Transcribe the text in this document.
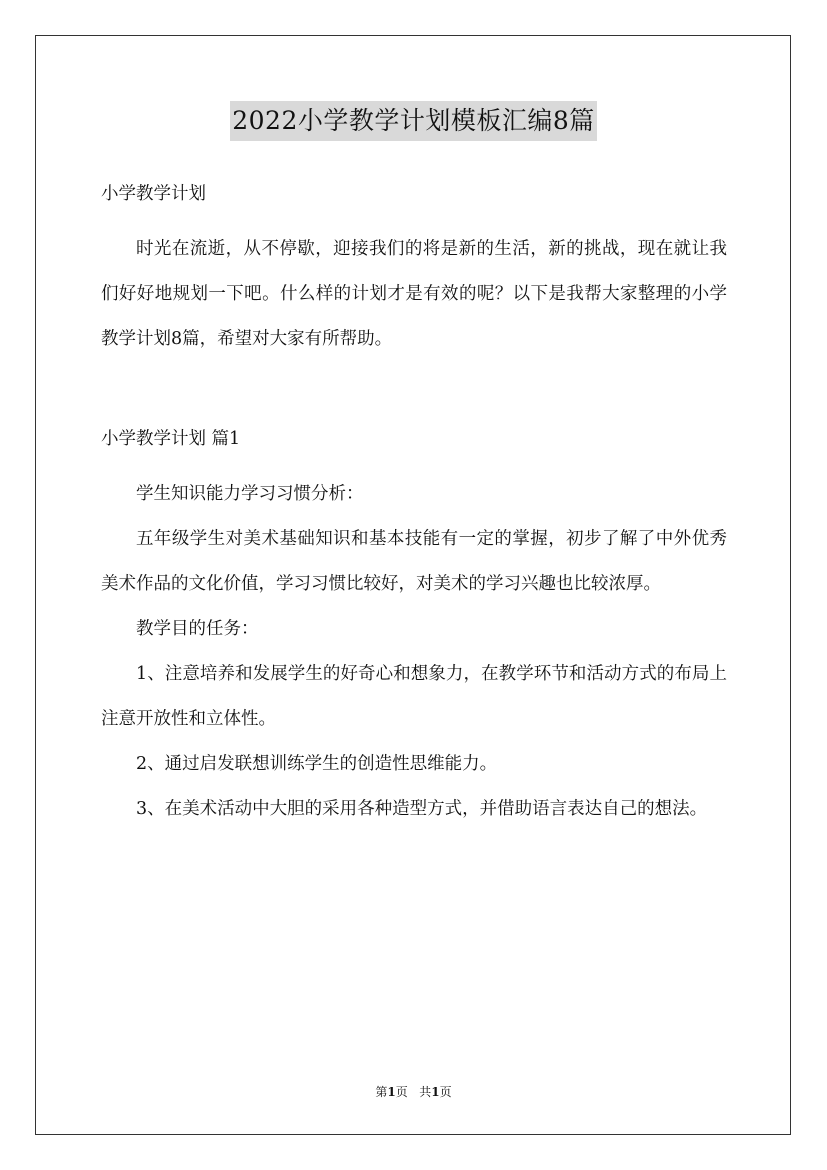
2022小学教学计划模板汇编8篇

小学教学计划

时光在流逝，从不停歇，迎接我们的将是新的生活，新的挑战，现在就让我们好好地规划一下吧。什么样的计划才是有效的呢？以下是我帮大家整理的小学教学计划8篇，希望对大家有所帮助。

小学教学计划 篇1

学生知识能力学习习惯分析：

五年级学生对美术基础知识和基本技能有一定的掌握，初步了解了中外优秀美术作品的文化价值，学习习惯比较好，对美术的学习兴趣也比较浓厚。

教学目的任务：

1、注意培养和发展学生的好奇心和想象力，在教学环节和活动方式的布局上注意开放性和立体性。

2、通过启发联想训练学生的创造性思维能力。

3、在美术活动中大胆的采用各种造型方式，并借助语言表达自己的想法。

第1页 共1页
